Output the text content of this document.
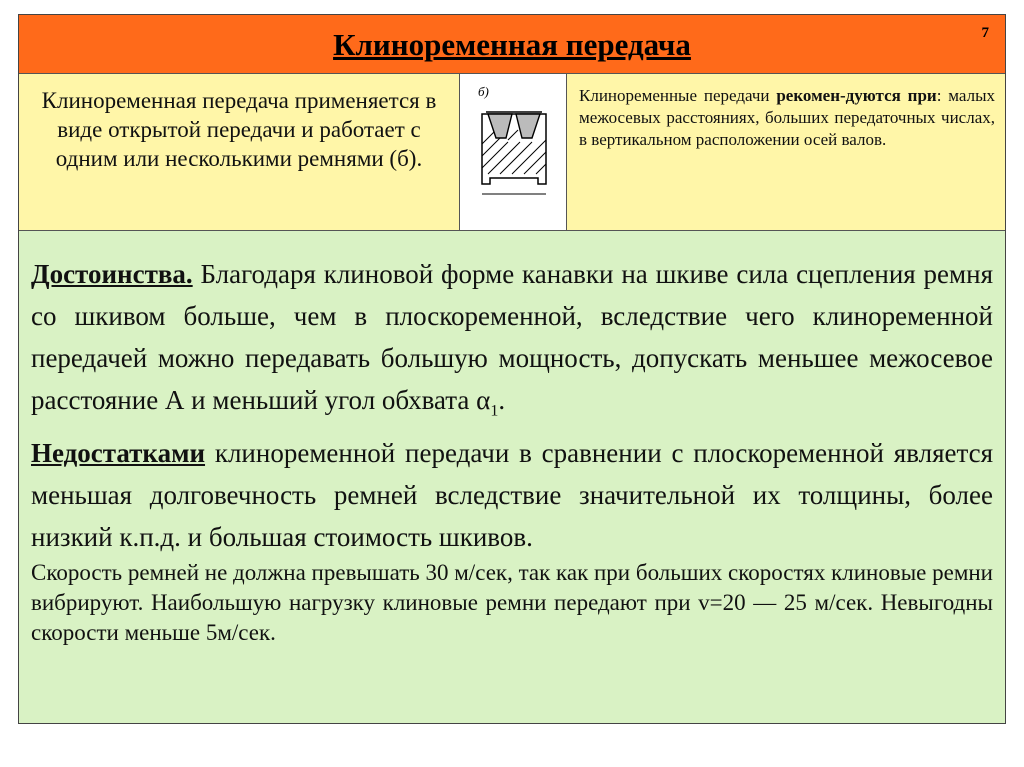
Клиноременная передача	7
Клиноременная передача применяется в виде открытой передачи и работает с одним или несколькими ремнями (б).
б)	Клиноременные передачи рекомен-дуются при: малых межосевых расстояниях, больших передаточных числах, в вертикальном расположении осей валов.

Достоинства. Благодаря клиновой форме канавки на шкиве сила сцепления ремня со шкивом больше, чем в плоскоременной, вследствие чего клиноременной передачей можно передавать большую мощность, допускать меньшее межосевое расстояние А и меньший угол обхвата $\alpha_1$.

Недостатками клиноременной передачи в сравнении с плоскоременной является меньшая долговечность ремней вследствие значительной их толщины, более низкий к.п.д. и большая стоимость шкивов.

Скорость ремней не должна превышать 30 м/сек, так как при больших скоростях клиновые ремни вибрируют. Наибольшую нагрузку клиновые ремни передают при v=20 — 25 м/сек. Невыгодны скорости меньше 5м/сек.
